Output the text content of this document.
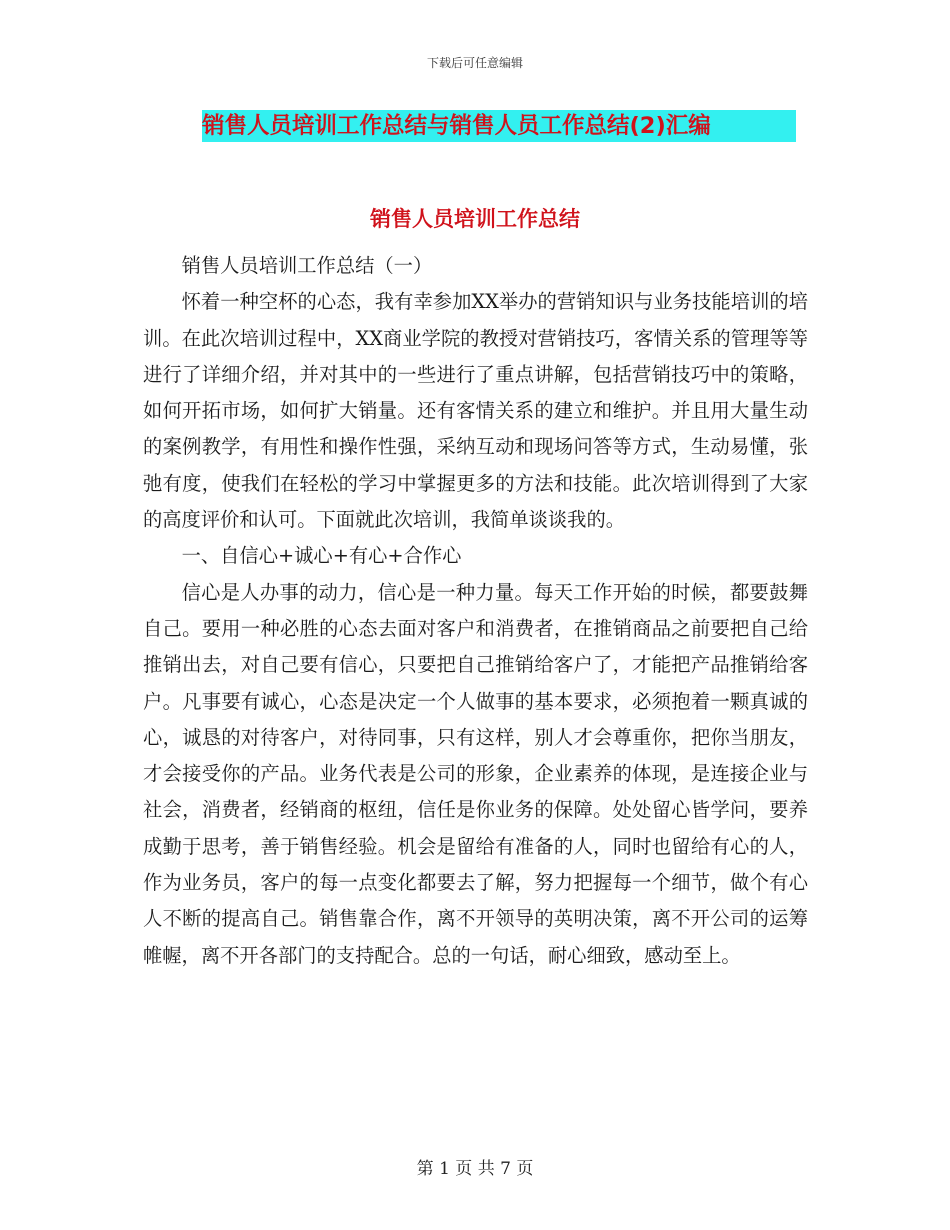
下载后可任意编辑
销售人员培训工作总结与销售人员工作总结(2)汇编
销售人员培训工作总结

销售人员培训工作总结（一）

怀着一种空杯的心态，我有幸参加XX举办的营销知识与业务技能培训的培训。在此次培训过程中，XX商业学院的教授对营销技巧，客情关系的管理等等进行了详细介绍，并对其中的一些进行了重点讲解，包括营销技巧中的策略，如何开拓市场，如何扩大销量。还有客情关系的建立和维护。并且用大量生动的案例教学，有用性和操作性强，采纳互动和现场问答等方式，生动易懂，张弛有度，使我们在轻松的学习中掌握更多的方法和技能。此次培训得到了大家的高度评价和认可。下面就此次培训，我简单谈谈我的。

一、自信心+诚心+有心+合作心

信心是人办事的动力，信心是一种力量。每天工作开始的时候，都要鼓舞自己。要用一种必胜的心态去面对客户和消费者，在推销商品之前要把自己给推销出去，对自己要有信心，只要把自己推销给客户了，才能把产品推销给客户。凡事要有诚心，心态是决定一个人做事的基本要求，必须抱着一颗真诚的心，诚恳的对待客户，对待同事，只有这样，别人才会尊重你，把你当朋友，才会接受你的产品。业务代表是公司的形象，企业素养的体现，是连接企业与社会，消费者，经销商的枢纽，信任是你业务的保障。处处留心皆学问，要养成勤于思考，善于销售经验。机会是留给有准备的人，同时也留给有心的人，作为业务员，客户的每一点变化都要去了解，努力把握每一个细节，做个有心人不断的提高自己。销售靠合作，离不开领导的英明决策，离不开公司的运筹帷幄，离不开各部门的支持配合。总的一句话，耐心细致，感动至上。

第 1 页 共 7 页
